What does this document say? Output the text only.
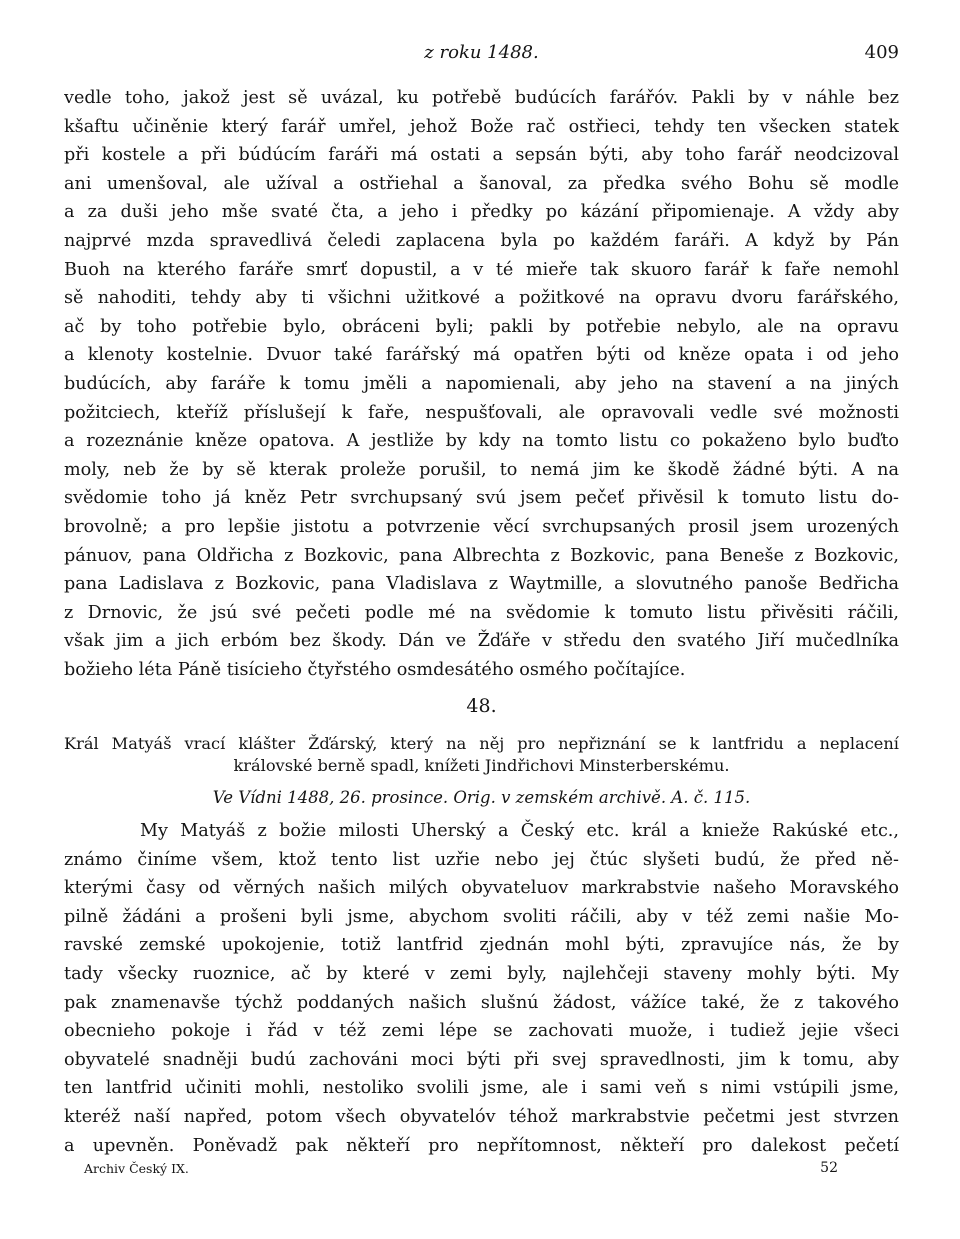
z roku 1488.	409
vedle toho, jakož jest sě uvázal, ku potřebě budúcích farářóv. Pakli by v náhle bez
kšaftu učiněnie který farář umřel, jehož Bože rač ostřieci, tehdy ten všecken statek
při kostele a při búdúcím faráři má ostati a sepsán býti, aby toho farář neodcizoval
ani umenšoval, ale užíval a ostřiehal a šanoval, za předka svého Bohu sě modle
a za duši jeho mše svaté čta, a jeho i předky po kázání připomienaje. A vždy aby
najprvé mzda spravedlivá čeledi zaplacena byla po každém faráři. A když by Pán
Buoh na kterého faráře smrť dopustil, a v té mieře tak skuoro farář k faře nemohl
sě nahoditi, tehdy aby ti všichni užitkové a požitkové na opravu dvoru farářského,
ač by toho potřebie bylo, obráceni byli; pakli by potřebie nebylo, ale na opravu
a klenoty kostelnie. Dvuor také farářský má opatřen býti od kněze opata i od jeho
budúcích, aby faráře k tomu jměli a napomienali, aby jeho na stavení a na jiných
požitciech, kteříž příslušejí k faře, nespušťovali, ale opravovali vedle své možnosti
a rozeznánie kněze opatova. A jestliže by kdy na tomto listu co pokaženo bylo buďto
moly, neb že by sě kterak proleže porušil, to nemá jim ke škodě žádné býti. A na
svědomie toho já kněz Petr svrchupsaný svú jsem pečeť přivěsil k tomuto listu do-
brovolně; a pro lepšie jistotu a potvrzenie věcí svrchupsaných prosil jsem urozených
pánuov, pana Oldřicha z Bozkovic, pana Albrechta z Bozkovic, pana Beneše z Bozkovic,
pana Ladislava z Bozkovic, pana Vladislava z Waytmille, a slovutného panoše Bedřicha
z Drnovic, že jsú své pečeti podle mé na svědomie k tomuto listu přivěsiti ráčili,
však jim a jich erbóm bez škody. Dán ve Žďáře v středu den svatého Jiří mučedlníka
božieho léta Páně tisícieho čtyřstého osmdesátého osmého počítajíce.
48.
Král Matyáš vrací klášter Žďárský, který na něj pro nepřiznání se k lantfridu a neplacení
královské berně spadl, knížeti Jindřichovi Minsterberskému.
Ve Vídni 1488, 26. prosince. Orig. v zemském archivě. A. č. 115.
My Matyáš z božie milosti Uherský a Český etc. král a knieže Rakúské etc.,
známo činíme všem, ktož tento list uzřie nebo jej čtúc slyšeti budú, že před ně-
kterými časy od věrných našich milých obyvateluov markrabstvie našeho Moravského
pilně žádáni a prošeni byli jsme, abychom svoliti ráčili, aby v též zemi našie Mo-
ravské zemské upokojenie, totiž lantfrid zjednán mohl býti, zpravujíce nás, že by
tady všecky ruoznice, ač by které v zemi byly, najlehčeji staveny mohly býti. My
pak znamenavše týchž poddaných našich slušnú žádost, vážíce také, že z takového
obecnieho pokoje i řád v též zemi lépe se zachovati muože, i tudiež jejie všeci
obyvatelé snadněji budú zachováni moci býti při svej spravedlnosti, jim k tomu, aby
ten lantfrid učiniti mohli, nestoliko svolili jsme, ale i sami veň s nimi vstúpili jsme,
kteréž naší napřed, potom všech obyvatelóv téhož markrabstvie pečetmi jest stvrzen
a upevněn. Poněvadž pak někteří pro nepřítomnost, někteří pro dalekost pečetí
Archiv Český IX.	52
